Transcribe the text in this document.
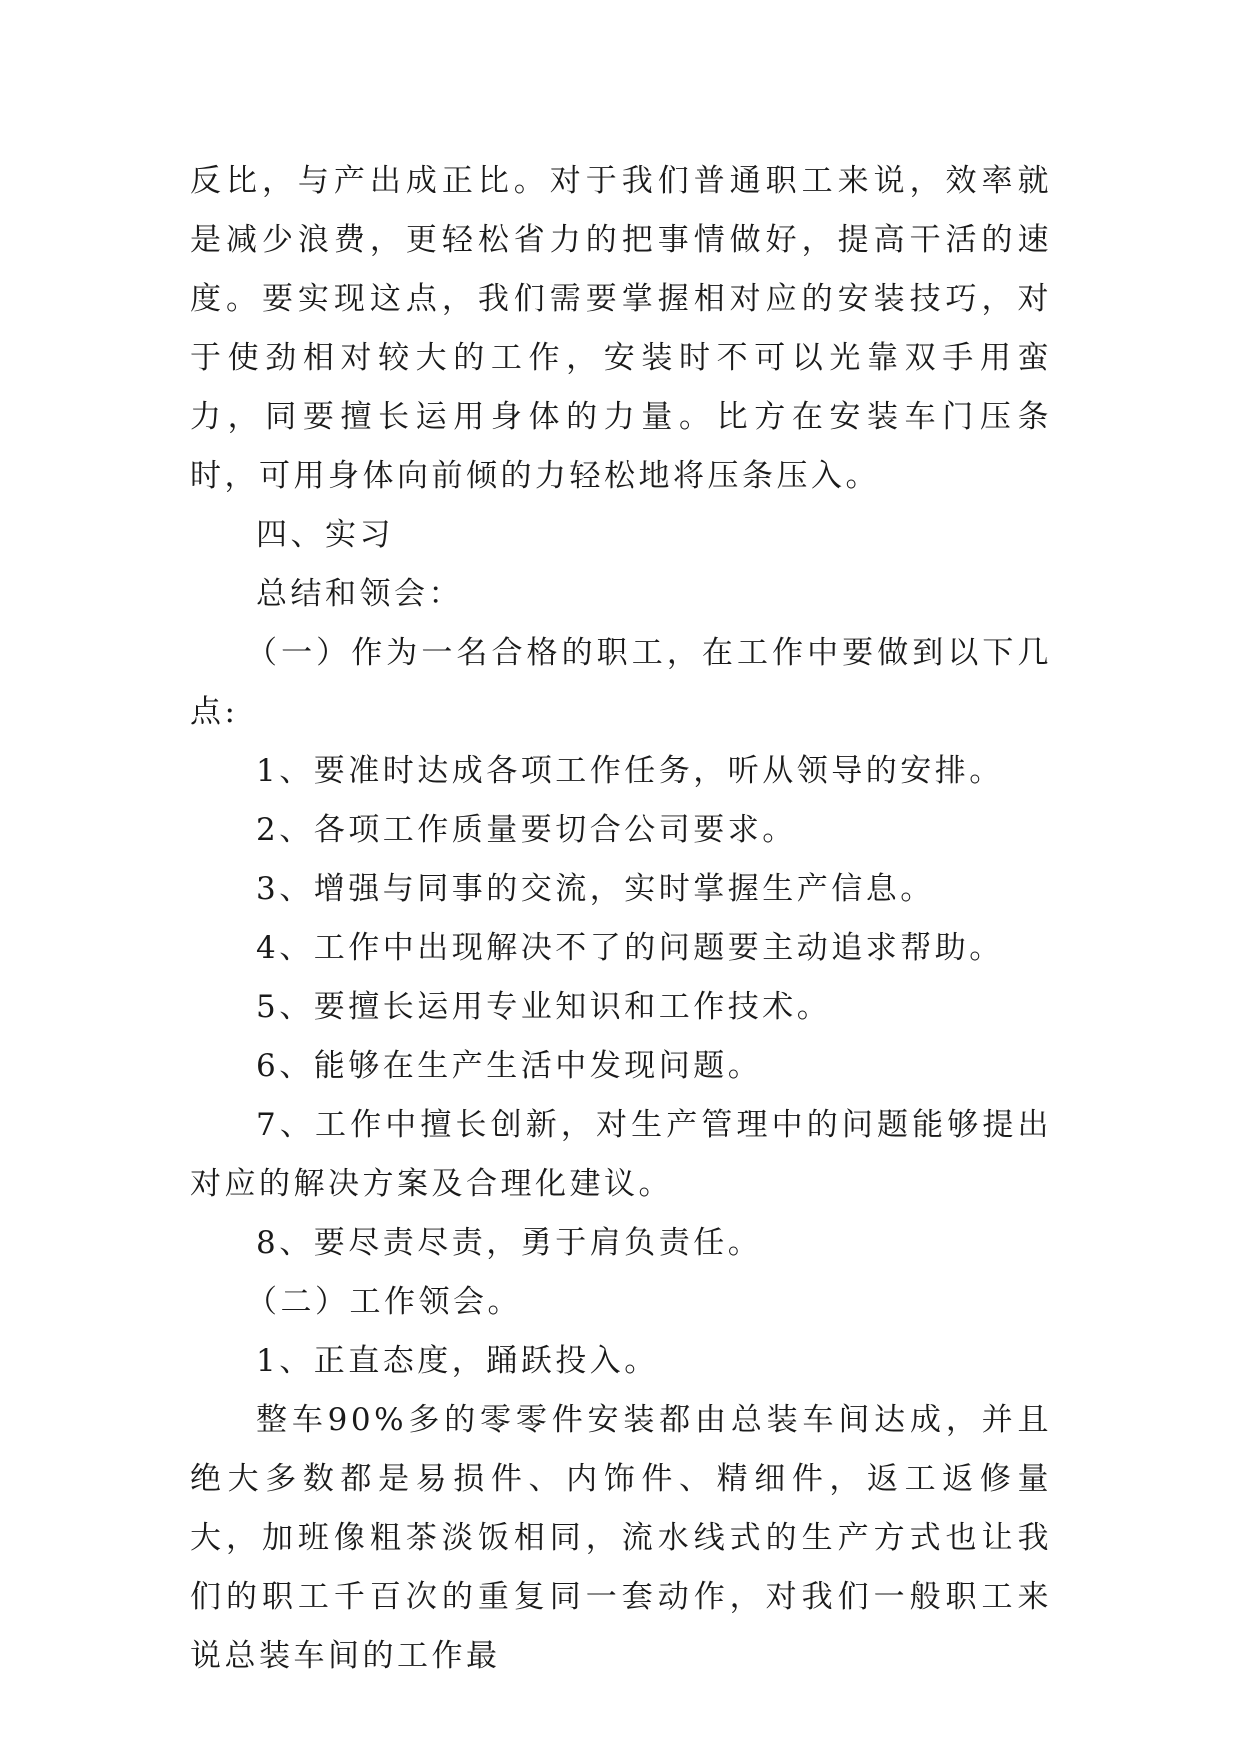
反比，与产出成正比。对于我们普通职工来说，效率就是减少浪费，更轻松省力的把事情做好，提高干活的速度。要实现这点，我们需要掌握相对应的安装技巧，对于使劲相对较大的工作，安装时不可以光靠双手用蛮力，同要擅长运用身体的力量。比方在安装车门压条时，可用身体向前倾的力轻松地将压条压入。

四、实习

总结和领会：

（一）作为一名合格的职工，在工作中要做到以下几点:

1、要准时达成各项工作任务，听从领导的安排。

2、各项工作质量要切合公司要求。

3、增强与同事的交流，实时掌握生产信息。

4、工作中出现解决不了的问题要主动追求帮助。

5、要擅长运用专业知识和工作技术。

6、能够在生产生活中发现问题。

7、工作中擅长创新，对生产管理中的问题能够提出对应的解决方案及合理化建议。

8、要尽责尽责，勇于肩负责任。

（二）工作领会。

1、正直态度，踊跃投入。

整车90%多的零零件安装都由总装车间达成，并且绝大多数都是易损件、内饰件、精细件，返工返修量大，加班像粗茶淡饭相同，流水线式的生产方式也让我们的职工千百次的重复同一套动作，对我们一般职工来说总装车间的工作最
